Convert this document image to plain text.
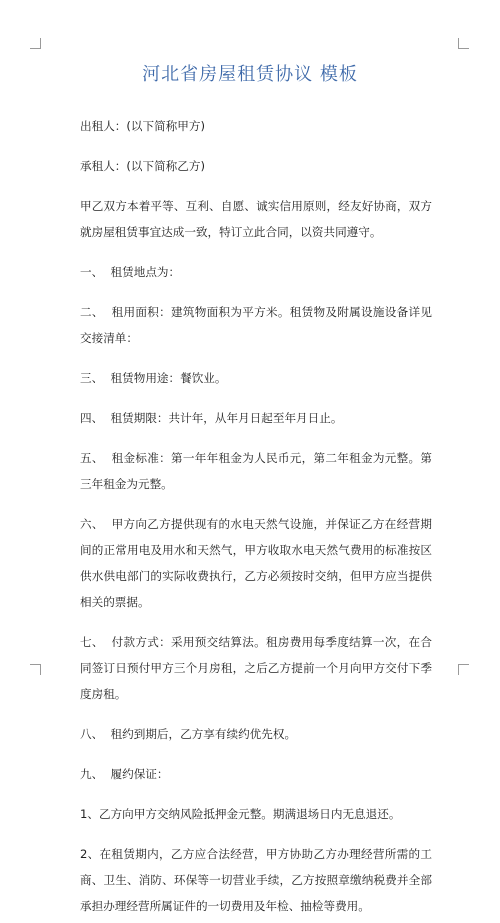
河北省房屋租赁协议 模板

出租人：(以下简称甲方)

承租人：(以下简称乙方)

甲乙双方本着平等、互利、自愿、诚实信用原则，经友好协商，双方就房屋租赁事宜达成一致，特订立此合同，以资共同遵守。

一、  租赁地点为：

二、  租用面积：建筑物面积为平方米。租赁物及附属设施设备详见交接清单：

三、  租赁物用途：餐饮业。

四、  租赁期限：共计年，从年月日起至年月日止。

五、  租金标准：第一年年租金为人民币元，第二年租金为元整。第三年租金为元整。

六、  甲方向乙方提供现有的水电天然气设施，并保证乙方在经营期间的正常用电及用水和天然气，甲方收取水电天然气费用的标准按区供水供电部门的实际收费执行，乙方必须按时交纳，但甲方应当提供相关的票据。

七、  付款方式：采用预交结算法。租房费用每季度结算一次，在合同签订日预付甲方三个月房租，之后乙方提前一个月向甲方交付下季度房租。

八、  租约到期后，乙方享有续约优先权。

九、  履约保证：

1、乙方向甲方交纳风险抵押金元整。期满退场日内无息退还。

2、在租赁期内，乙方应合法经营，甲方协助乙方办理经营所需的工商、卫生、消防、环保等一切营业手续，乙方按照章缴纳税费并全部承担办理经营所属证件的一切费用及年检、抽检等费用。
